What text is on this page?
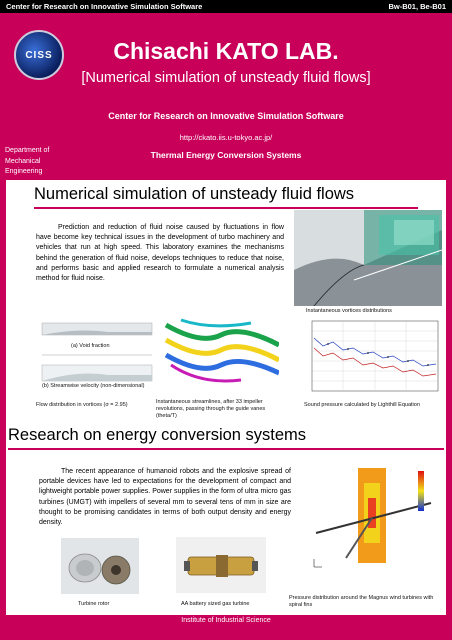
Center for Research on Innovative Simulation Software	Bw-B01, Be-B01
CISS	Chisachi KATO LAB.
[Numerical simulation of unsteady fluid flows]
Center for Research on Innovative Simulation Software
http://ckato.iis.u-tokyo.ac.jp/
Thermal Energy Conversion Systems
Department of
Mechanical
Engineering
Numerical simulation of unsteady fluid flows
Prediction and reduction of fluid noise caused by fluctuations in flow have become key technical issues in the development of turbo machinery and vehicles that run at high speed. This laboratory examines the mechanisms behind the generation of fluid noise, develops techniques to reduce that noise, and performs basic and applied research to formulate a numerical analysis method for fluid noise.
Instantaneous vortices distributions
(a) Void fraction
(b) Streamwise velocity (non-dimensional)
Flow distribution in vortices (σ = 2.95)	Instantaneous streamlines, after 33 impeller revolutions, passing through the guide vanes (theta/T)
Sound pressure calculated by Lighthill Equation
Research on energy conversion systems
The recent appearance of humanoid robots and the explosive spread of portable devices have led to expectations for the development of compact and lightweight portable power supplies. Power supplies in the form of ultra micro gas turbines (UMGT) with impellers of several mm to several tens of mm in size are thought to be promising candidates in terms of both output density and energy density.
Turbine rotor	AA battery sized gas turbine
Pressure distribution around the Magnus wind turbines with spiral fins
Institute of Industrial Science
